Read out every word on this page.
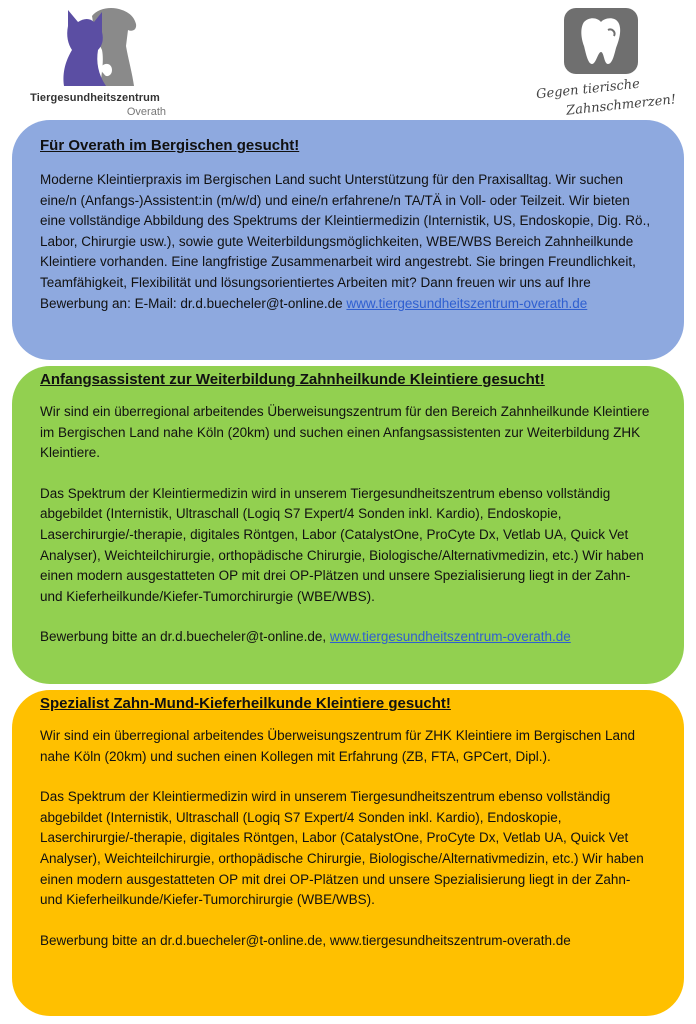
Tiergesundheitszentrum
Overath
Gegen tierische
Zahnschmerzen!
Für Overath im Bergischen gesucht!

Moderne Kleintierpraxis im Bergischen Land sucht Unterstützung für den Praxisalltag. Wir suchen eine/n (Anfangs-)Assistent:in (m/w/d) und eine/n erfahrene/n TA/TÄ in Voll- oder Teilzeit. Wir bieten eine vollständige Abbildung des Spektrums der Kleintiermedizin (Internistik, US, Endoskopie, Dig. Rö., Labor, Chirurgie usw.), sowie gute Weiterbildungsmöglichkeiten, WBE/WBS Bereich Zahnheilkunde Kleintiere vorhanden. Eine langfristige Zusammenarbeit wird angestrebt. Sie bringen Freundlichkeit, Teamfähigkeit, Flexibilität und lösungsorientiertes Arbeiten mit? Dann freuen wir uns auf Ihre Bewerbung an: E-Mail: dr.d.buecheler@t-online.de www.tiergesundheitszentrum-overath.de

Anfangsassistent zur Weiterbildung Zahnheilkunde Kleintiere gesucht!

Wir sind ein überregional arbeitendes Überweisungszentrum für den Bereich Zahnheilkunde Kleintiere im Bergischen Land nahe Köln (20km) und suchen einen Anfangsassistenten zur Weiterbildung ZHK Kleintiere.

Das Spektrum der Kleintiermedizin wird in unserem Tiergesundheitszentrum ebenso vollständig abgebildet (Internistik, Ultraschall (Logiq S7 Expert/4 Sonden inkl. Kardio), Endoskopie, Laserchirurgie/-therapie, digitales Röntgen, Labor (CatalystOne, ProCyte Dx, Vetlab UA, Quick Vet Analyser), Weichteilchirurgie, orthopädische Chirurgie, Biologische/Alternativmedizin, etc.) Wir haben einen modern ausgestatteten OP mit drei OP-Plätzen und unsere Spezialisierung liegt in der Zahn- und Kieferheilkunde/Kiefer-Tumorchirurgie (WBE/WBS).

Bewerbung bitte an dr.d.buecheler@t-online.de, www.tiergesundheitszentrum-overath.de

Spezialist Zahn-Mund-Kieferheilkunde Kleintiere gesucht!

Wir sind ein überregional arbeitendes Überweisungszentrum für ZHK Kleintiere im Bergischen Land nahe Köln (20km) und suchen einen Kollegen mit Erfahrung (ZB, FTA, GPCert, Dipl.).

Das Spektrum der Kleintiermedizin wird in unserem Tiergesundheitszentrum ebenso vollständig abgebildet (Internistik, Ultraschall (Logiq S7 Expert/4 Sonden inkl. Kardio), Endoskopie, Laserchirurgie/-therapie, digitales Röntgen, Labor (CatalystOne, ProCyte Dx, Vetlab UA, Quick Vet Analyser), Weichteilchirurgie, orthopädische Chirurgie, Biologische/Alternativmedizin, etc.) Wir haben einen modern ausgestatteten OP mit drei OP-Plätzen und unsere Spezialisierung liegt in der Zahn- und Kieferheilkunde/Kiefer-Tumorchirurgie (WBE/WBS).

Bewerbung bitte an dr.d.buecheler@t-online.de, www.tiergesundheitszentrum-overath.de
